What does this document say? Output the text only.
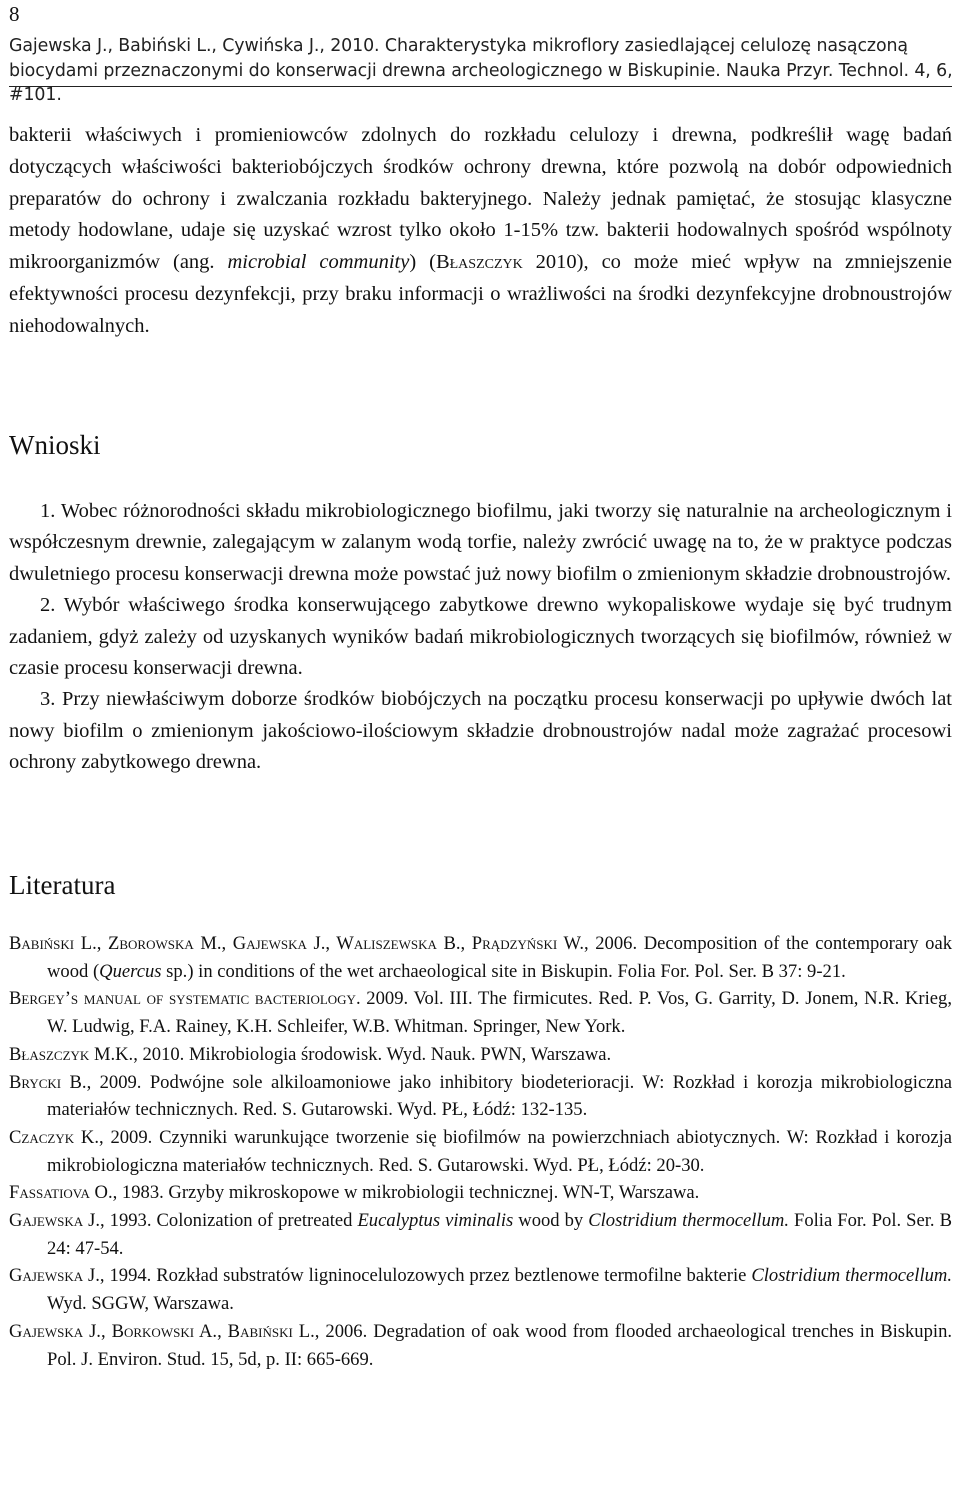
8
Gajewska J., Babiński L., Cywińska J., 2010. Charakterystyka mikroflory zasiedlającej celulozę nasączoną biocydami przeznaczonymi do konserwacji drewna archeologicznego w Biskupinie. Nauka Przyr. Technol. 4, 6, #101.
bakterii właściwych i promieniowców zdolnych do rozkładu celulozy i drewna, podkreślił wagę badań dotyczących właściwości bakteriobójczych środków ochrony drewna, które pozwolą na dobór odpowiednich preparatów do ochrony i zwalczania rozkładu bakteryjnego. Należy jednak pamiętać, że stosując klasyczne metody hodowlane, udaje się uzyskać wzrost tylko około 1-15% tzw. bakterii hodowalnych spośród wspólnoty mikroorganizmów (ang. microbial community) (Błaszczyk 2010), co może mieć wpływ na zmniejszenie efektywności procesu dezynfekcji, przy braku informacji o wrażliwości na środki dezynfekcyjne drobnoustrojów niehodowalnych.
Wnioski

1. Wobec różnorodności składu mikrobiologicznego biofilmu, jaki tworzy się naturalnie na archeologicznym i współczesnym drewnie, zalegającym w zalanym wodą torfie, należy zwrócić uwagę na to, że w praktyce podczas dwuletniego procesu konserwacji drewna może powstać już nowy biofilm o zmienionym składzie drobnoustrojów.

2. Wybór właściwego środka konserwującego zabytkowe drewno wykopaliskowe wydaje się być trudnym zadaniem, gdyż zależy od uzyskanych wyników badań mikrobiologicznych tworzących się biofilmów, również w czasie procesu konserwacji drewna.

3. Przy niewłaściwym doborze środków biobójczych na początku procesu konserwacji po upływie dwóch lat nowy biofilm o zmienionym jakościowo-ilościowym składzie drobnoustrojów nadal może zagrażać procesowi ochrony zabytkowego drewna.

Literatura

Babiński L., Zborowska M., Gajewska J., Waliszewska B., Prądzyński W., 2006. Decomposition of the contemporary oak wood (Quercus sp.) in conditions of the wet archaeological site in Biskupin. Folia For. Pol. Ser. B 37: 9-21.

Bergey’s manual of systematic bacteriology. 2009. Vol. III. The firmicutes. Red. P. Vos, G. Garrity, D. Jonem, N.R. Krieg, W. Ludwig, F.A. Rainey, K.H. Schleifer, W.B. Whitman. Springer, New York.

Błaszczyk M.K., 2010. Mikrobiologia środowisk. Wyd. Nauk. PWN, Warszawa.

Brycki B., 2009. Podwójne sole alkiloamoniowe jako inhibitory biodeterioracji. W: Rozkład i korozja mikrobiologiczna materiałów technicznych. Red. S. Gutarowski. Wyd. PŁ, Łódź: 132-135.

Czaczyk K., 2009. Czynniki warunkujące tworzenie się biofilmów na powierzchniach abiotycznych. W: Rozkład i korozja mikrobiologiczna materiałów technicznych. Red. S. Gutarowski. Wyd. PŁ, Łódź: 20-30.

Fassatiova O., 1983. Grzyby mikroskopowe w mikrobiologii technicznej. WN-T, Warszawa.

Gajewska J., 1993. Colonization of pretreated Eucalyptus viminalis wood by Clostridium thermocellum. Folia For. Pol. Ser. B 24: 47-54.

Gajewska J., 1994. Rozkład substratów ligninocelulozowych przez beztlenowe termofilne bakterie Clostridium thermocellum. Wyd. SGGW, Warszawa.

Gajewska J., Borkowski A., Babiński L., 2006. Degradation of oak wood from flooded archaeological trenches in Biskupin. Pol. J. Environ. Stud. 15, 5d, p. II: 665-669.
